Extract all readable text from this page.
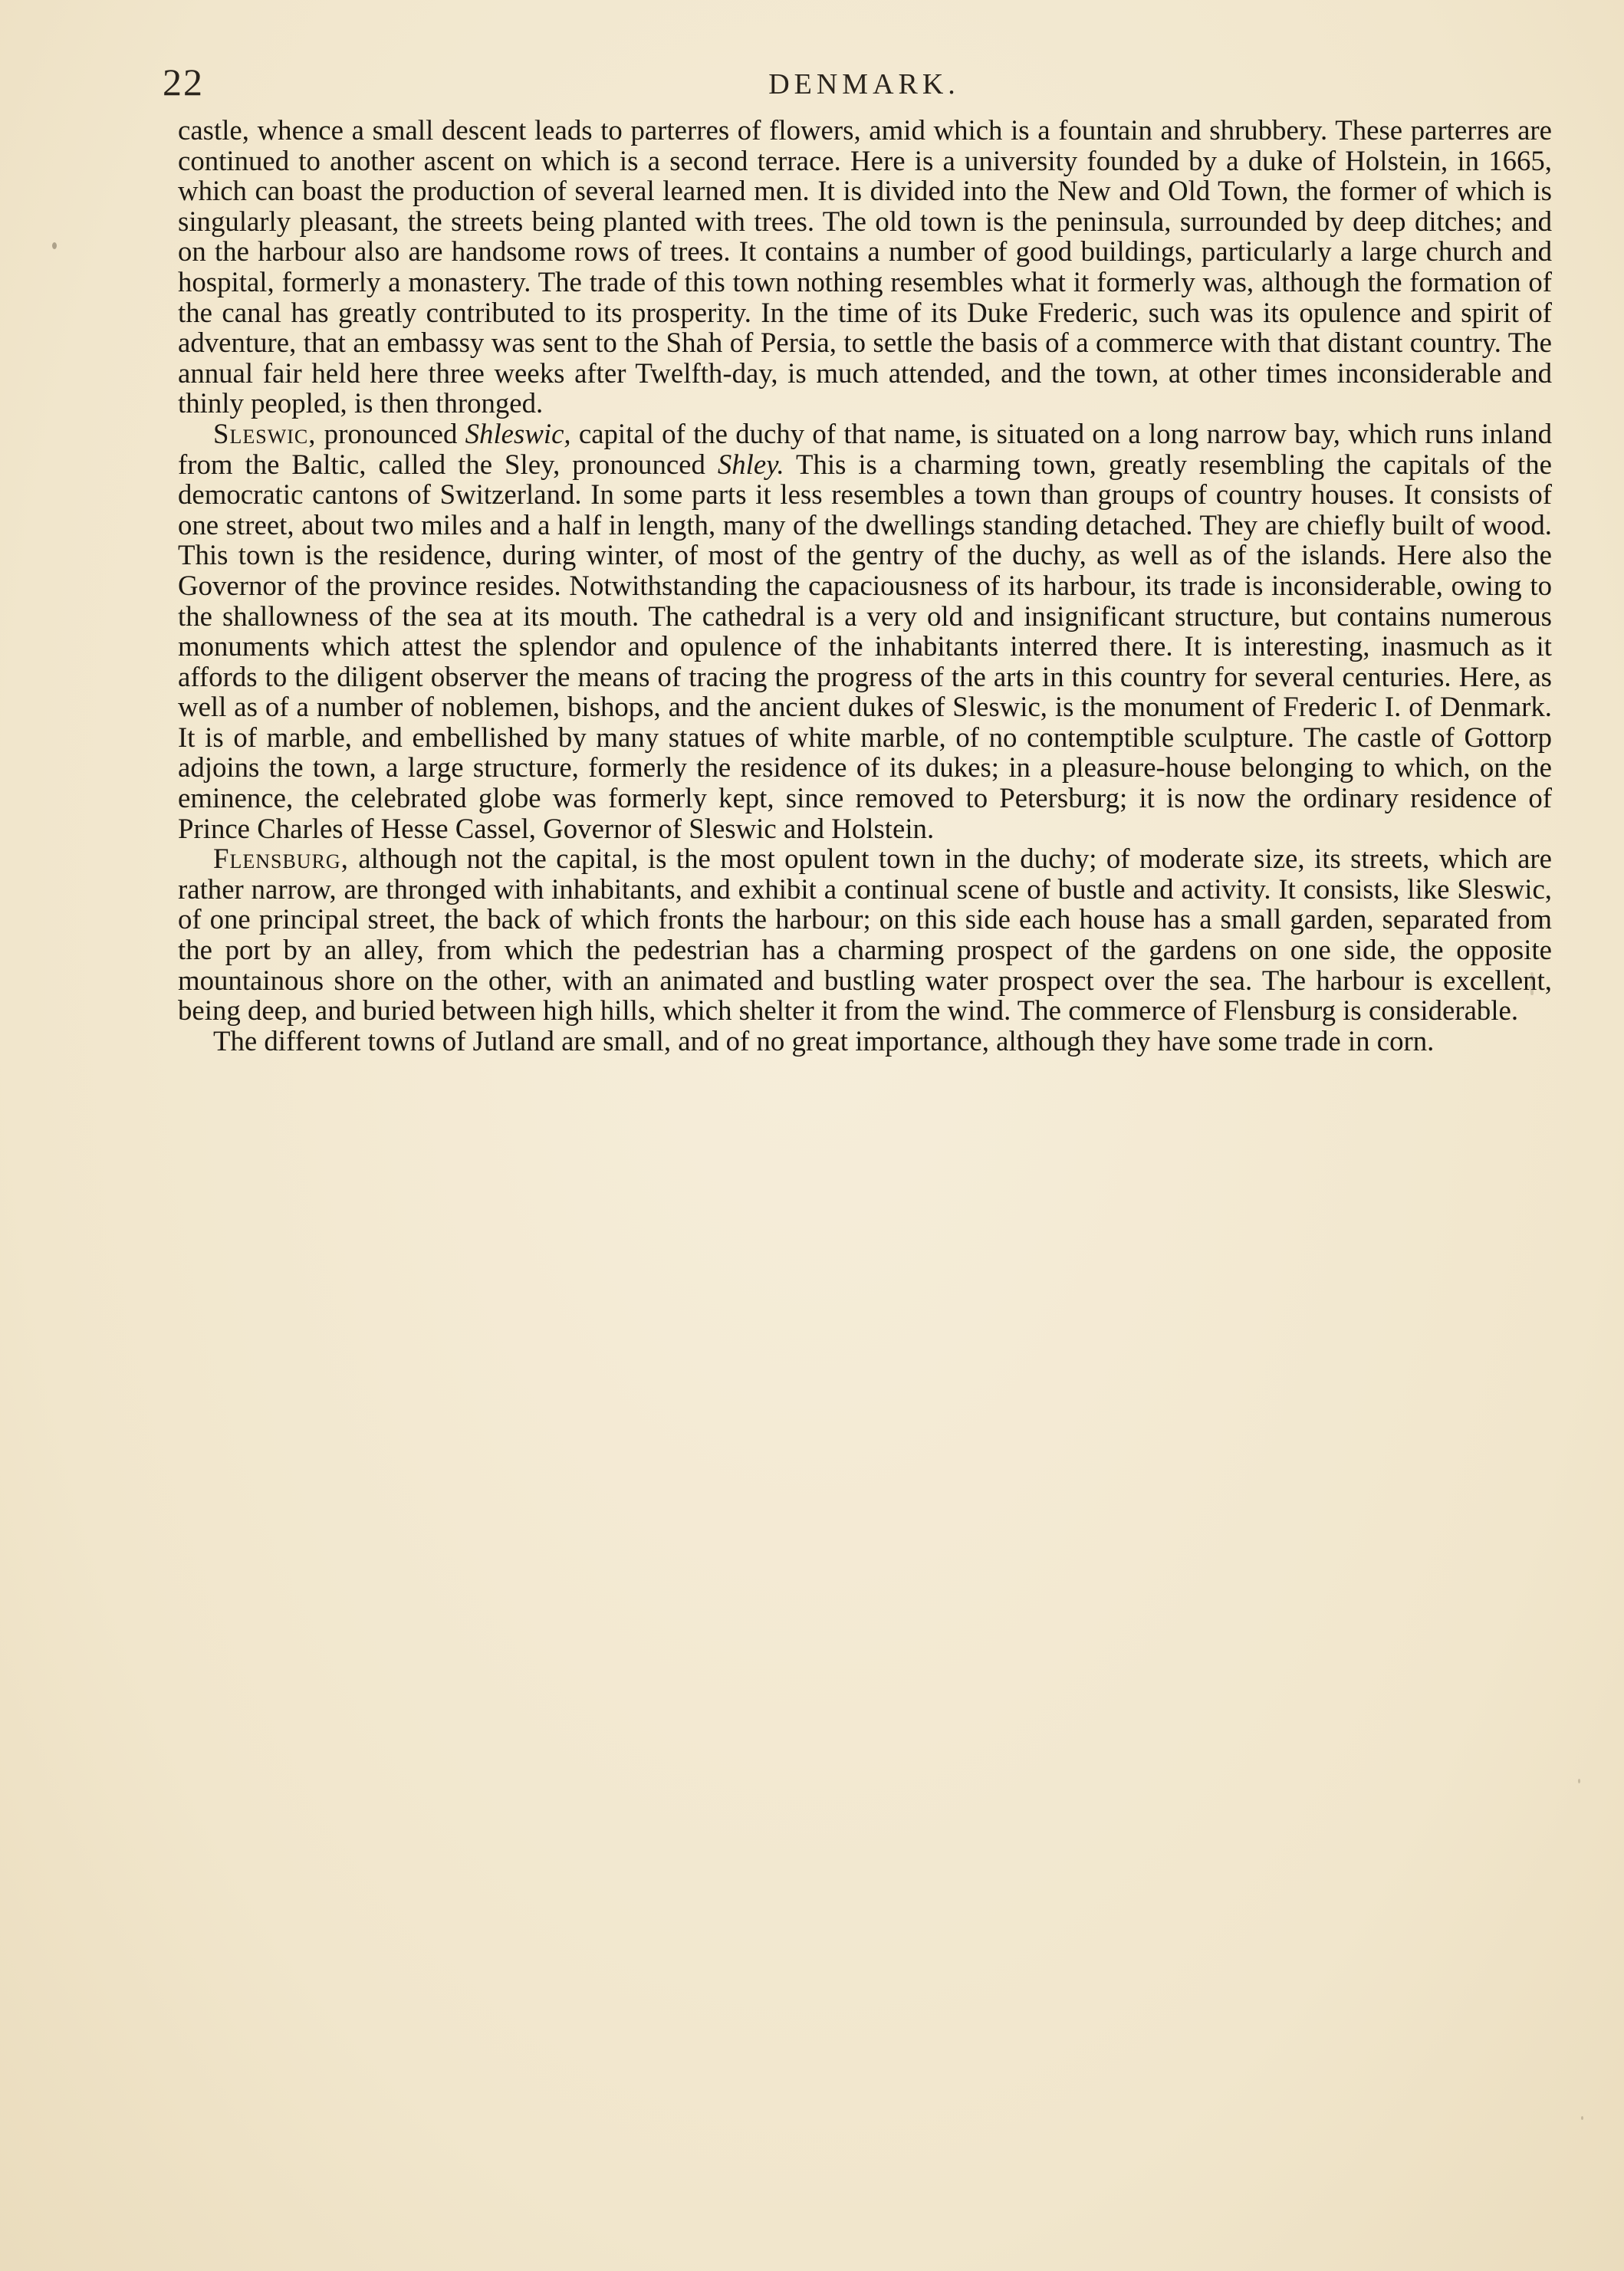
22	DENMARK.

castle, whence a small descent leads to parterres of flowers, amid which is a fountain and shrubbery. These parterres are continued to another ascent on which is a second terrace. Here is a university founded by a duke of Holstein, in 1665, which can boast the production of several learned men. It is divided into the New and Old Town, the former of which is singularly pleasant, the streets being planted with trees. The old town is the peninsula, surrounded by deep ditches; and on the harbour also are handsome rows of trees. It contains a number of good buildings, particularly a large church and hospital, formerly a monastery. The trade of this town nothing resembles what it formerly was, although the formation of the canal has greatly contributed to its prosperity. In the time of its Duke Frederic, such was its opulence and spirit of adventure, that an embassy was sent to the Shah of Persia, to settle the basis of a commerce with that distant country. The annual fair held here three weeks after Twelfth-day, is much attended, and the town, at other times inconsiderable and thinly peopled, is then thronged.

Sleswic, pronounced Shleswic, capital of the duchy of that name, is situated on a long narrow bay, which runs inland from the Baltic, called the Sley, pronounced Shley. This is a charming town, greatly resembling the capitals of the democratic cantons of Switzerland. In some parts it less resembles a town than groups of country houses. It consists of one street, about two miles and a half in length, many of the dwellings standing detached. They are chiefly built of wood. This town is the residence, during winter, of most of the gentry of the duchy, as well as of the islands. Here also the Governor of the province resides. Notwithstanding the capaciousness of its harbour, its trade is inconsiderable, owing to the shallowness of the sea at its mouth. The cathedral is a very old and insignificant structure, but contains numerous monuments which attest the splendor and opulence of the inhabitants interred there. It is interesting, inasmuch as it affords to the diligent observer the means of tracing the progress of the arts in this country for several centuries. Here, as well as of a number of noblemen, bishops, and the ancient dukes of Sleswic, is the monument of Frederic I. of Denmark. It is of marble, and embellished by many statues of white marble, of no contemptible sculpture. The castle of Gottorp adjoins the town, a large structure, formerly the residence of its dukes; in a pleasure-house belonging to which, on the eminence, the celebrated globe was formerly kept, since removed to Petersburg; it is now the ordinary residence of Prince Charles of Hesse Cassel, Governor of Sleswic and Holstein.

Flensburg, although not the capital, is the most opulent town in the duchy; of moderate size, its streets, which are rather narrow, are thronged with inhabitants, and exhibit a continual scene of bustle and activity. It consists, like Sleswic, of one principal street, the back of which fronts the harbour; on this side each house has a small garden, separated from the port by an alley, from which the pedestrian has a charming prospect of the gardens on one side, the opposite mountainous shore on the other, with an animated and bustling water prospect over the sea. The harbour is excellent, being deep, and buried between high hills, which shelter it from the wind. The commerce of Flensburg is considerable.

The different towns of Jutland are small, and of no great importance, although they have some trade in corn.
